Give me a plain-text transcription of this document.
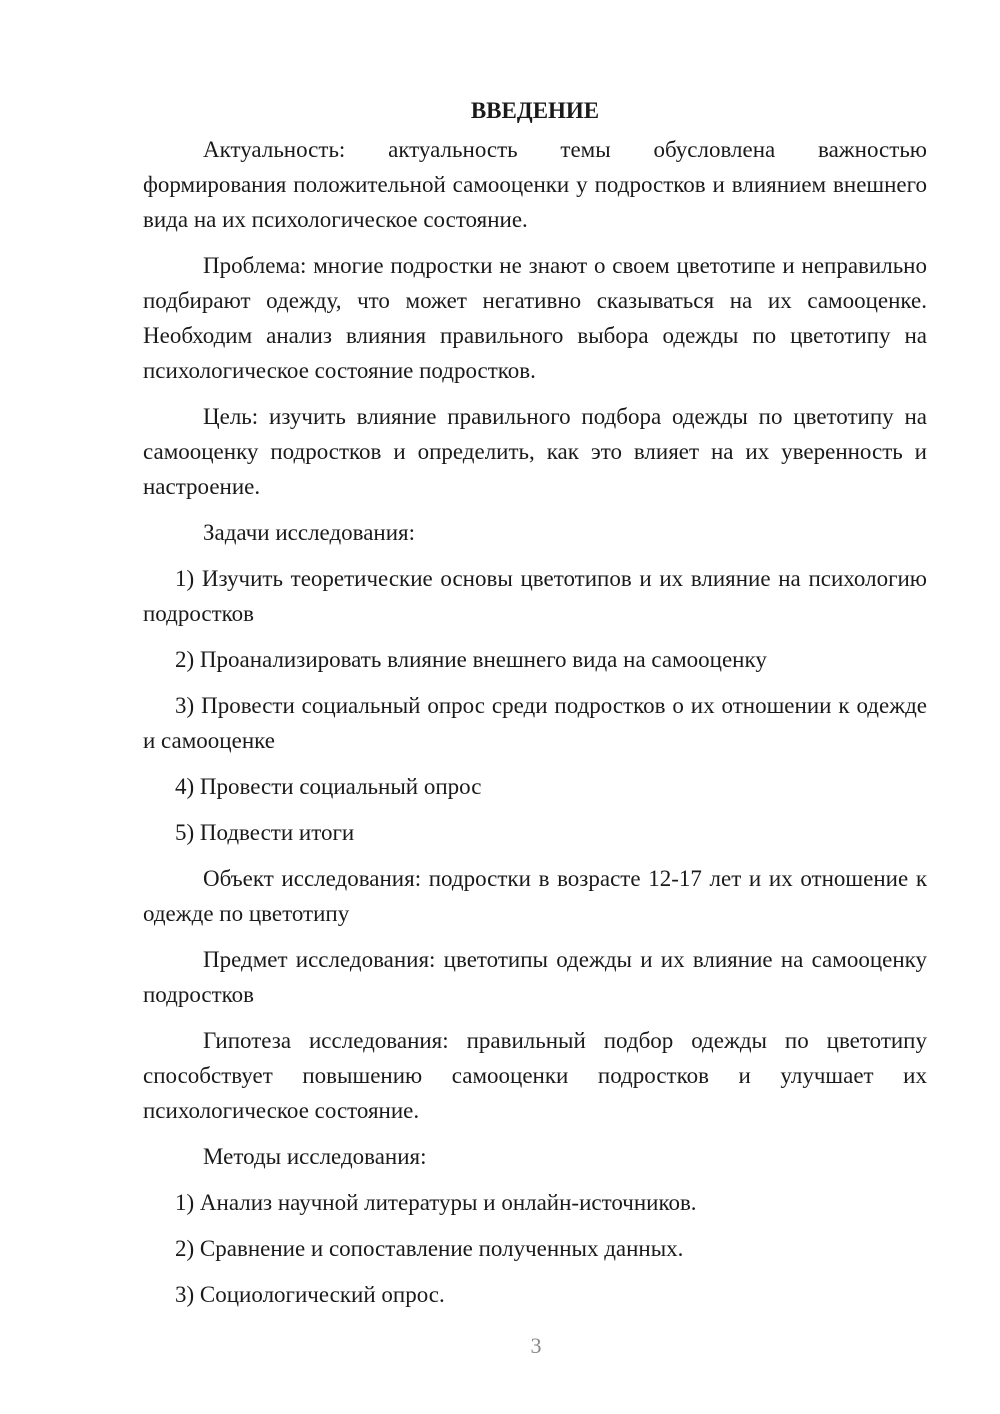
ВВЕДЕНИЕ

Актуальность: актуальность темы обусловлена важностью формирования положительной самооценки у подростков и влиянием внешнего вида на их психологическое состояние.

Проблема: многие подростки не знают о своем цветотипе и неправильно подбирают одежду, что может негативно сказываться на их самооценке. Необходим анализ влияния правильного выбора одежды по цветотипу на психологическое состояние подростков.

Цель: изучить влияние правильного подбора одежды по цветотипу на самооценку подростков и определить, как это влияет на их уверенность и настроение.

Задачи исследования:

1) Изучить теоретические основы цветотипов и их влияние на психологию подростков

2) Проанализировать влияние внешнего вида на самооценку

3) Провести социальный опрос среди подростков о их отношении к одежде и самооценке

4) Провести социальный опрос

5) Подвести итоги

Объект исследования: подростки в возрасте 12-17 лет и их отношение к одежде по цветотипу

Предмет исследования: цветотипы одежды и их влияние на самооценку подростков

Гипотеза исследования: правильный подбор одежды по цветотипу способствует повышению самооценки подростков и улучшает их психологическое состояние.

Методы исследования:

1) Анализ научной литературы и онлайн-источников.

2) Сравнение и сопоставление полученных данных.

3) Социологический опрос.

3
